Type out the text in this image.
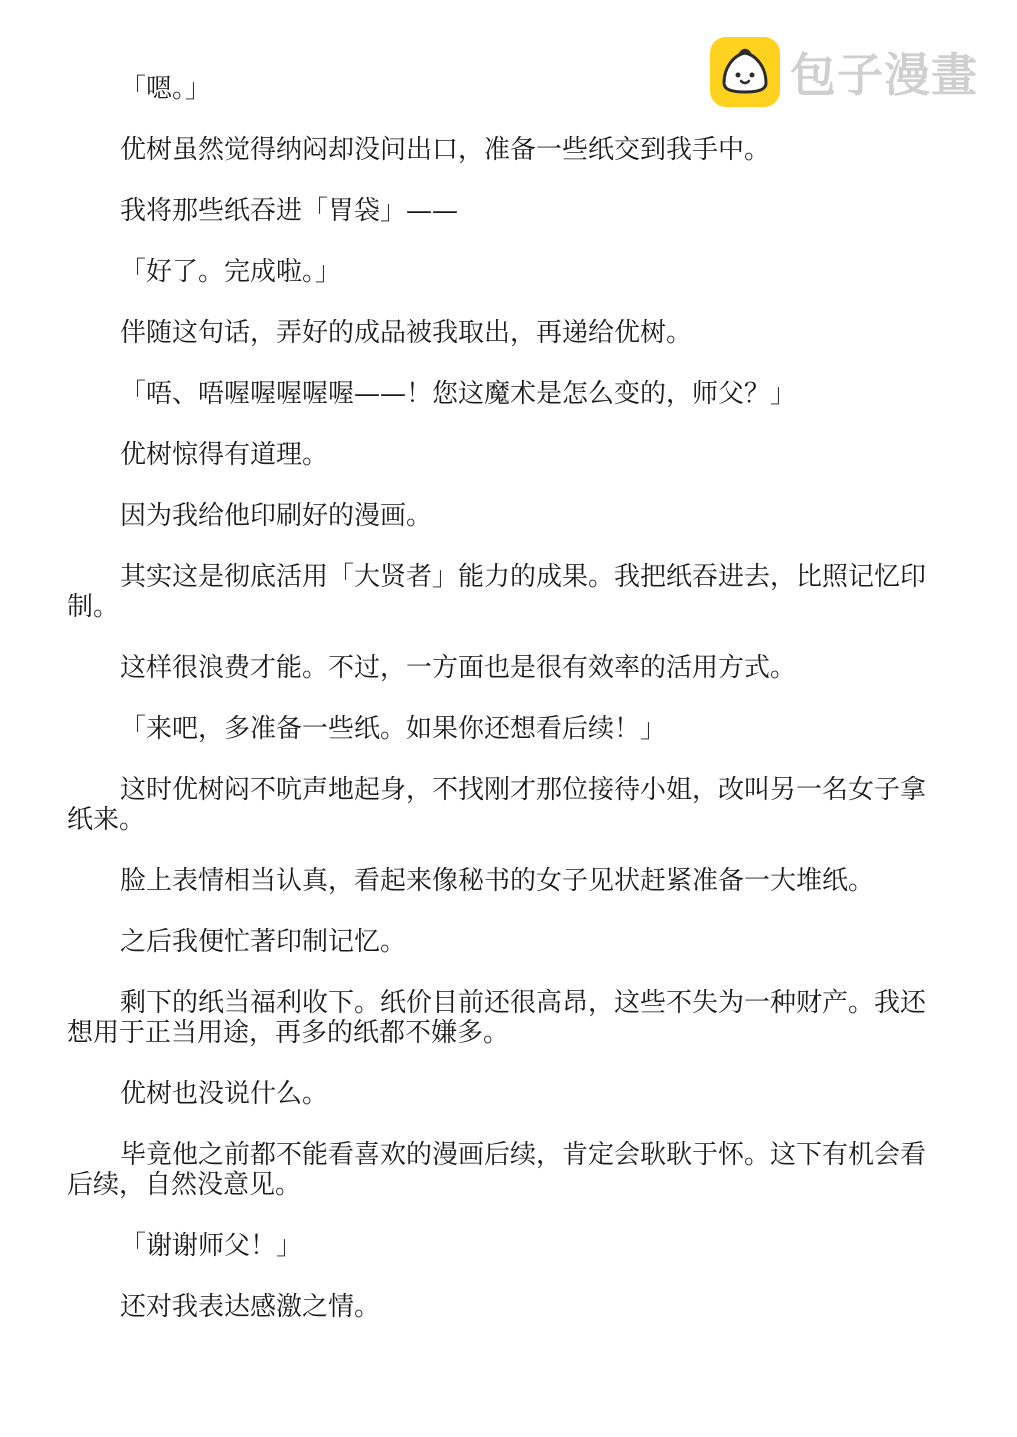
包子漫畫

「嗯。」

优树虽然觉得纳闷却没问出口，准备一些纸交到我手中。

我将那些纸吞进「胃袋」——

「好了。完成啦。」

伴随这句话，弄好的成品被我取出，再递给优树。

「唔、唔喔喔喔喔喔——！您这魔术是怎么变的，师父？」

优树惊得有道理。

因为我给他印刷好的漫画。

其实这是彻底活用「大贤者」能力的成果。我把纸吞进去，比照记忆印制。

这样很浪费才能。不过，一方面也是很有效率的活用方式。

「来吧，多准备一些纸。如果你还想看后续！」

这时优树闷不吭声地起身，不找刚才那位接待小姐，改叫另一名女子拿纸来。

脸上表情相当认真，看起来像秘书的女子见状赶紧准备一大堆纸。

之后我便忙著印制记忆。

剩下的纸当福利收下。纸价目前还很高昂，这些不失为一种财产。我还想用于正当用途，再多的纸都不嫌多。

优树也没说什么。

毕竟他之前都不能看喜欢的漫画后续，肯定会耿耿于怀。这下有机会看后续，自然没意见。

「谢谢师父！」

还对我表达感激之情。
